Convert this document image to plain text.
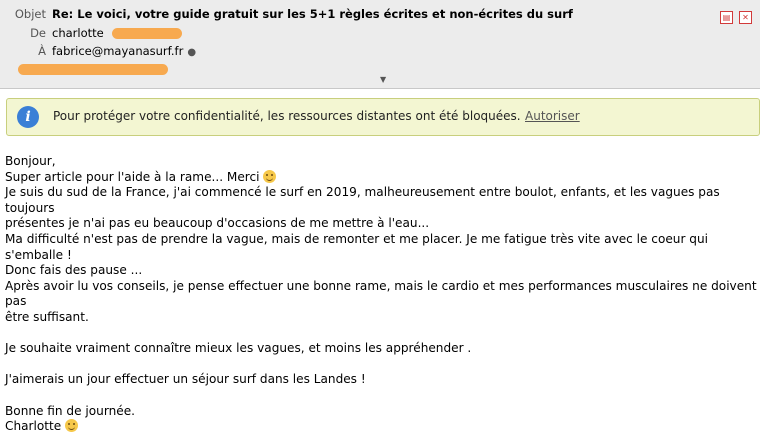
Objet Re: Le voici, votre guide gratuit sur les 5+1 règles écrites et non-écrites du surf	▤ ✕
De charlotte
À fabrice@mayanasurf.fr ●
▼
i	Pour protéger votre confidentialité, les ressources distantes ont été bloquées. Autoriser

Bonjour,

Super article pour l'aide à la rame... Merci

Je suis du sud de la France, j'ai commencé le surf en 2019, malheureusement entre boulot, enfants, et les vagues pas toujours

présentes je n'ai pas eu beaucoup d'occasions de me mettre à l'eau...

Ma difficulté n'est pas de prendre la vague, mais de remonter et me placer. Je me fatigue très vite avec le coeur qui s'emballe !

Donc fais des pause ...

Après avoir lu vos conseils, je pense effectuer une bonne rame, mais le cardio et mes performances musculaires ne doivent pas

être suffisant.

Je souhaite vraiment connaître mieux les vagues, et moins les appréhender .

J'aimerais un jour effectuer un séjour surf dans les Landes !

Bonne fin de journée.

Charlotte
